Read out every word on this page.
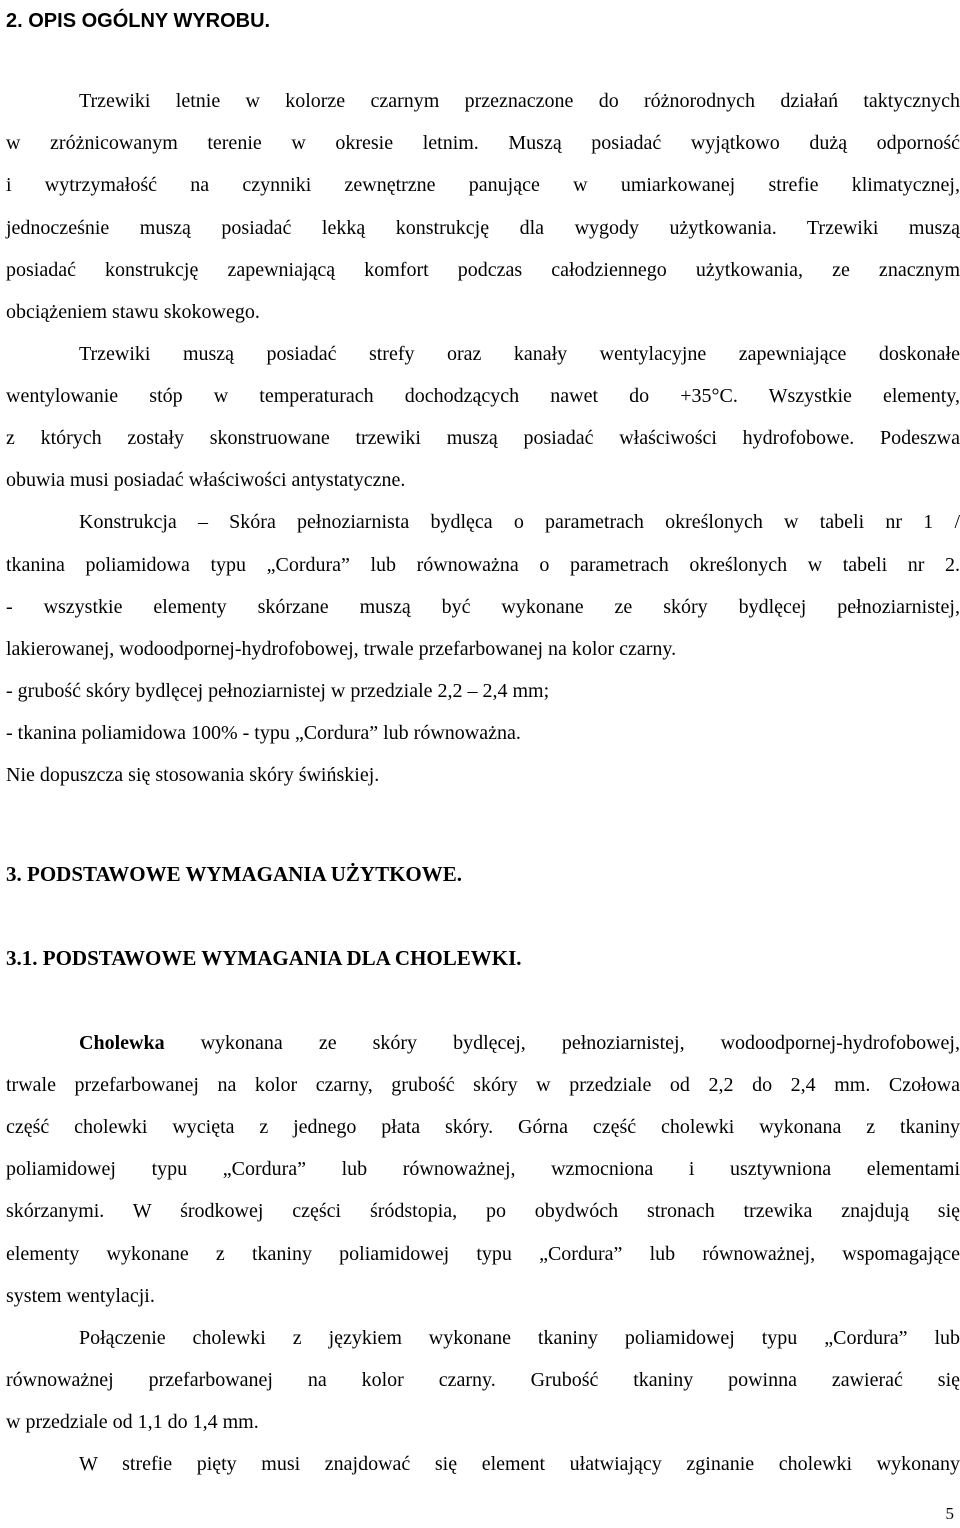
2. OPIS OGÓLNY WYROBU.

Trzewiki letnie w kolorze czarnym przeznaczone do różnorodnych działań taktycznych

w zróżnicowanym terenie w okresie letnim. Muszą posiadać wyjątkowo dużą odporność

i wytrzymałość na czynniki zewnętrzne panujące w umiarkowanej strefie klimatycznej,

jednocześnie muszą posiadać lekką konstrukcję dla wygody użytkowania. Trzewiki muszą

posiadać konstrukcję zapewniającą komfort podczas całodziennego użytkowania, ze znacznym

obciążeniem stawu skokowego.

Trzewiki muszą posiadać strefy oraz kanały wentylacyjne zapewniające doskonałe

wentylowanie stóp w temperaturach dochodzących nawet do +35°C. Wszystkie elementy,

z których zostały skonstruowane trzewiki muszą posiadać właściwości hydrofobowe. Podeszwa

obuwia musi posiadać właściwości antystatyczne.

Konstrukcja – Skóra pełnoziarnista bydlęca o parametrach określonych w tabeli nr 1 /

tkanina poliamidowa typu „Cordura” lub równoważna o parametrach określonych w tabeli nr 2.

- wszystkie elementy skórzane muszą być wykonane ze skóry bydlęcej pełnoziarnistej,

lakierowanej, wodoodpornej-hydrofobowej, trwale przefarbowanej na kolor czarny.

- grubość skóry bydlęcej pełnoziarnistej w przedziale 2,2 – 2,4 mm;

- tkanina poliamidowa 100% - typu „Cordura” lub równoważna.

Nie dopuszcza się stosowania skóry świńskiej.

3. PODSTAWOWE WYMAGANIA UŻYTKOWE.
3.1. PODSTAWOWE WYMAGANIA DLA CHOLEWKI.

Cholewka wykonana ze skóry bydlęcej, pełnoziarnistej, wodoodpornej-hydrofobowej,

trwale przefarbowanej na kolor czarny, grubość skóry w przedziale od 2,2 do 2,4 mm. Czołowa

część cholewki wycięta z jednego płata skóry. Górna część cholewki wykonana z tkaniny

poliamidowej typu „Cordura” lub równoważnej, wzmocniona i usztywniona elementami

skórzanymi. W środkowej części śródstopia, po obydwóch stronach trzewika znajdują się

elementy wykonane z tkaniny poliamidowej typu „Cordura” lub równoważnej, wspomagające

system wentylacji.

Połączenie cholewki z językiem wykonane tkaniny poliamidowej typu „Cordura” lub

równoważnej przefarbowanej na kolor czarny. Grubość tkaniny powinna zawierać się

w przedziale od 1,1 do 1,4 mm.

W strefie pięty musi znajdować się element ułatwiający zginanie cholewki wykonany

5
